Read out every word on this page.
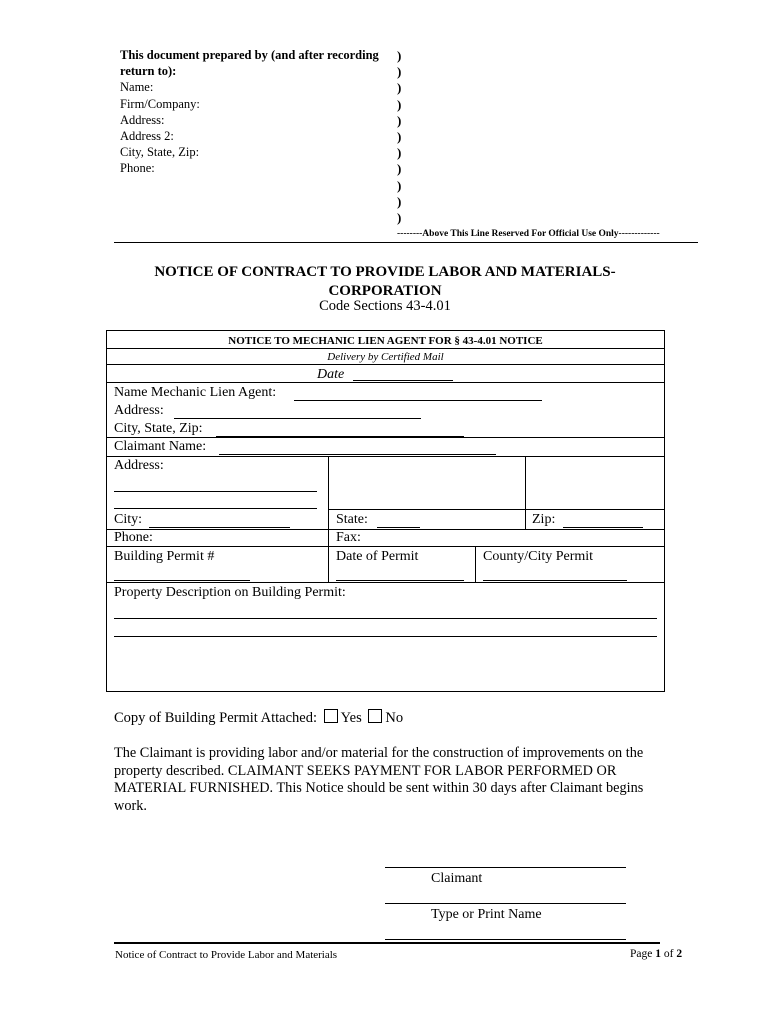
This document prepared by (and after recording
return to):
Name:
Firm/Company:
Address:
Address 2:
City, State, Zip:
Phone:
)
)
)
)
)
)
)
)
)
)
)
--------Above This Line Reserved For Official Use Only-------------
NOTICE OF CONTRACT TO PROVIDE LABOR AND MATERIALS-
CORPORATION
Code Sections 43-4.01
NOTICE TO MECHANIC LIEN AGENT FOR § 43-4.01 NOTICE
Delivery by Certified Mail
Date
Name Mechanic Lien Agent:
Address:
City, State, Zip:
Claimant Name:
Address:
City:	State:	Zip:
Phone:	Fax:
Building Permit #	Date of Permit	County/City Permit
Property Description on Building Permit:
Copy of Building Permit Attached: Yes No
The Claimant is providing labor and/or material for the construction of improvements on the property described. CLAIMANT SEEKS PAYMENT FOR LABOR PERFORMED OR MATERIAL FURNISHED. This Notice should be sent within 30 days after Claimant begins work.
Claimant
Type or Print Name
Notice of Contract to Provide Labor and Materials	Page 1 of 2
